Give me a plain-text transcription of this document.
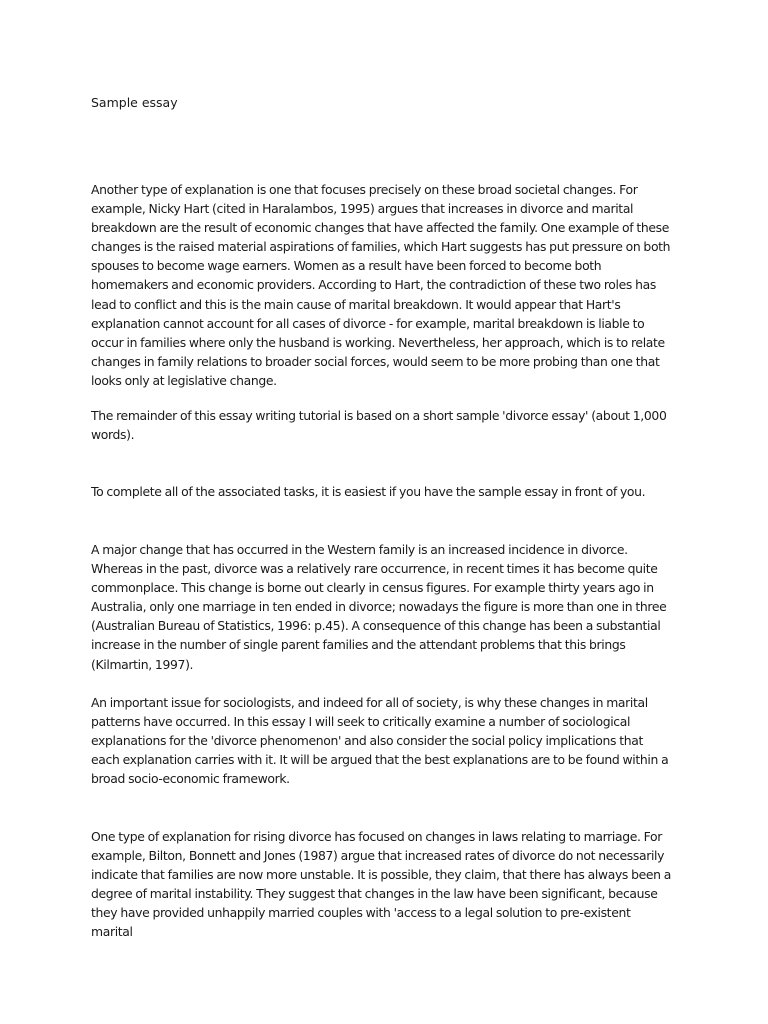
Sample essay

Another type of explanation is one that focuses precisely on these broad societal changes. For example, Nicky Hart (cited in Haralambos, 1995) argues that increases in divorce and marital breakdown are the result of economic changes that have affected the family. One example of these changes is the raised material aspirations of families, which Hart suggests has put pressure on both spouses to become wage earners. Women as a result have been forced to become both homemakers and economic providers. According to Hart, the contradiction of these two roles has lead to conflict and this is the main cause of marital breakdown. It would appear that Hart's explanation cannot account for all cases of divorce - for example, marital breakdown is liable to occur in families where only the husband is working. Nevertheless, her approach, which is to relate changes in family relations to broader social forces, would seem to be more probing than one that looks only at legislative change.

The remainder of this essay writing tutorial is based on a short sample 'divorce essay' (about 1,000 words).

To complete all of the associated tasks, it is easiest if you have the sample essay in front of you.

A major change that has occurred in the Western family is an increased incidence in divorce. Whereas in the past, divorce was a relatively rare occurrence, in recent times it has become quite commonplace. This change is borne out clearly in census figures. For example thirty years ago in Australia, only one marriage in ten ended in divorce; nowadays the figure is more than one in three (Australian Bureau of Statistics, 1996: p.45). A consequence of this change has been a substantial increase in the number of single parent families and the attendant problems that this brings (Kilmartin, 1997).

An important issue for sociologists, and indeed for all of society, is why these changes in marital patterns have occurred. In this essay I will seek to critically examine a number of sociological explanations for the 'divorce phenomenon' and also consider the social policy implications that each explanation carries with it. It will be argued that the best explanations are to be found within a broad socio-economic framework.

One type of explanation for rising divorce has focused on changes in laws relating to marriage. For example, Bilton, Bonnett and Jones (1987) argue that increased rates of divorce do not necessarily indicate that families are now more unstable. It is possible, they claim, that there has always been a degree of marital instability. They suggest that changes in the law have been significant, because they have provided unhappily married couples with 'access to a legal solution to pre-existent marital
